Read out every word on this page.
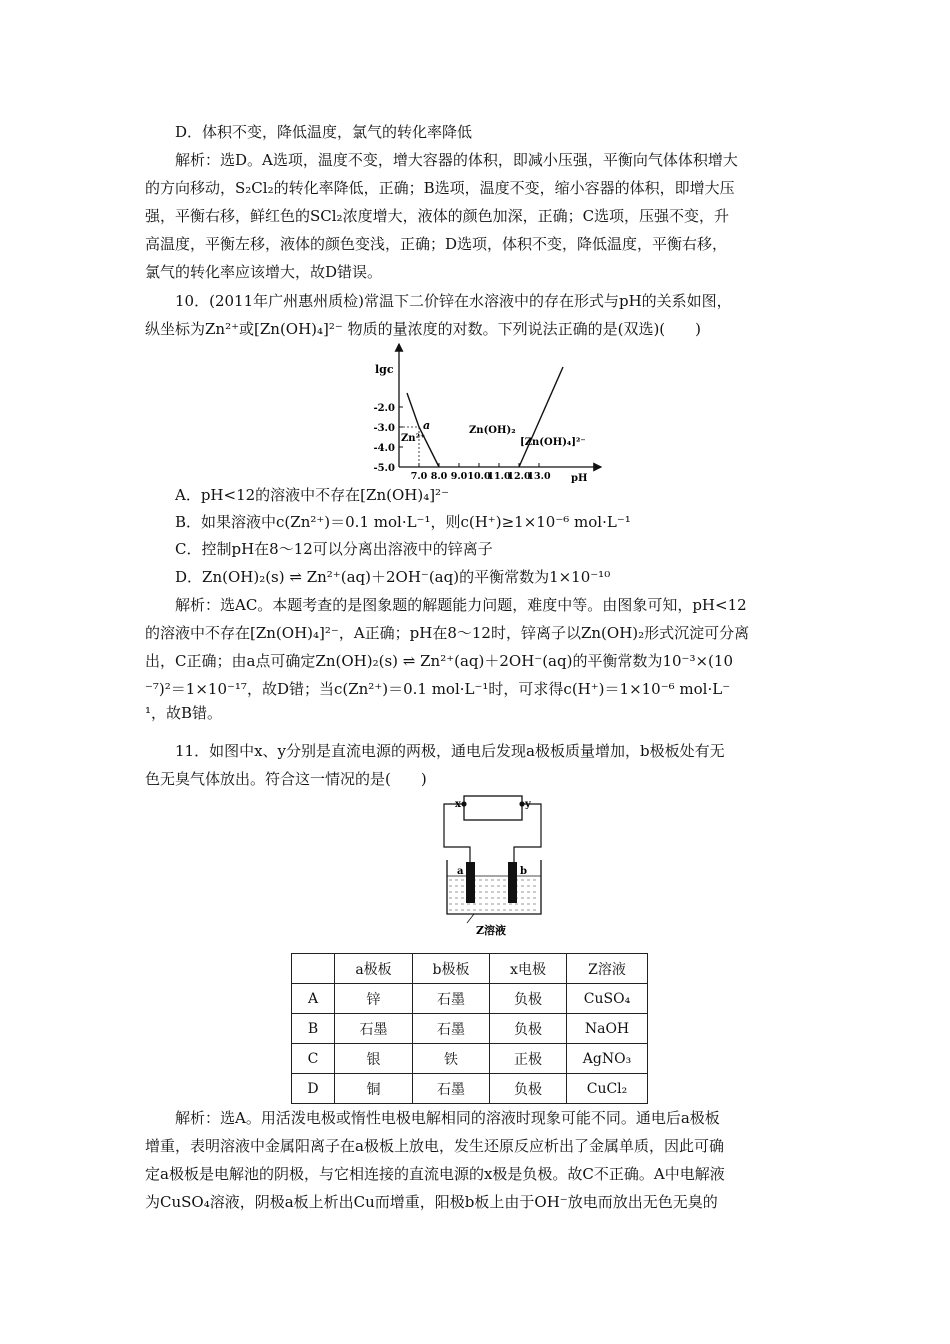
D．体积不变，降低温度，氯气的转化率降低
解析：选D。A选项，温度不变，增大容器的体积，即减小压强，平衡向气体体积增大
的方向移动，S₂Cl₂的转化率降低，正确；B选项，温度不变，缩小容器的体积，即增大压
强，平衡右移，鲜红色的SCl₂浓度增大，液体的颜色加深，正确；C选项，压强不变，升
高温度，平衡左移，液体的颜色变浅，正确；D选项，体积不变，降低温度，平衡右移，
氯气的转化率应该增大，故D错误。
10．(2011年广州惠州质检)常温下二价锌在水溶液中的存在形式与pH的关系如图，
纵坐标为Zn²⁺或[Zn(OH)₄]²⁻ 物质的量浓度的对数。下列说法正确的是(双选)(　　)
lgc
pH
-2.0
-3.0
-4.0
-5.0
7.0 8.0 9.0 10.0
11.0
12.0
13.0
a	Zn(OH)₂
Zn²⁺	[Zn(OH)₄]²⁻
A．pH<12的溶液中不存在[Zn(OH)₄]²⁻
B．如果溶液中c(Zn²⁺)＝0.1 mol·L⁻¹，则c(H⁺)≥1×10⁻⁶ mol·L⁻¹
C．控制pH在8～12可以分离出溶液中的锌离子
D．Zn(OH)₂(s) ⇌ Zn²⁺(aq)＋2OH⁻(aq)的平衡常数为1×10⁻¹⁰
解析：选AC。本题考查的是图象题的解题能力问题，难度中等。由图象可知，pH<12
的溶液中不存在[Zn(OH)₄]²⁻，A正确；pH在8～12时，锌离子以Zn(OH)₂形式沉淀可分离
出，C正确；由a点可确定Zn(OH)₂(s) ⇌ Zn²⁺(aq)＋2OH⁻(aq)的平衡常数为10⁻³×(10
⁻⁷)²＝1×10⁻¹⁷，故D错；当c(Zn²⁺)＝0.1 mol·L⁻¹时，可求得c(H⁺)＝1×10⁻⁶ mol·L⁻
¹，故B错。
11．如图中x、y分别是直流电源的两极，通电后发现a极板质量增加，b极板处有无
色无臭气体放出。符合这一情况的是(　　)
x	y
a	b
Z溶液
	a极板	b极板	x电极	Z溶液
A	锌	石墨	负极	CuSO₄
B	石墨	石墨	负极	NaOH
C	银	铁	正极	AgNO₃
D	铜	石墨	负极	CuCl₂
解析：选A。用活泼电极或惰性电极电解相同的溶液时现象可能不同。通电后a极板
增重，表明溶液中金属阳离子在a极板上放电，发生还原反应析出了金属单质，因此可确
定a极板是电解池的阴极，与它相连接的直流电源的x极是负极。故C不正确。A中电解液
为CuSO₄溶液，阴极a板上析出Cu而增重，阳极b板上由于OH⁻放电而放出无色无臭的
